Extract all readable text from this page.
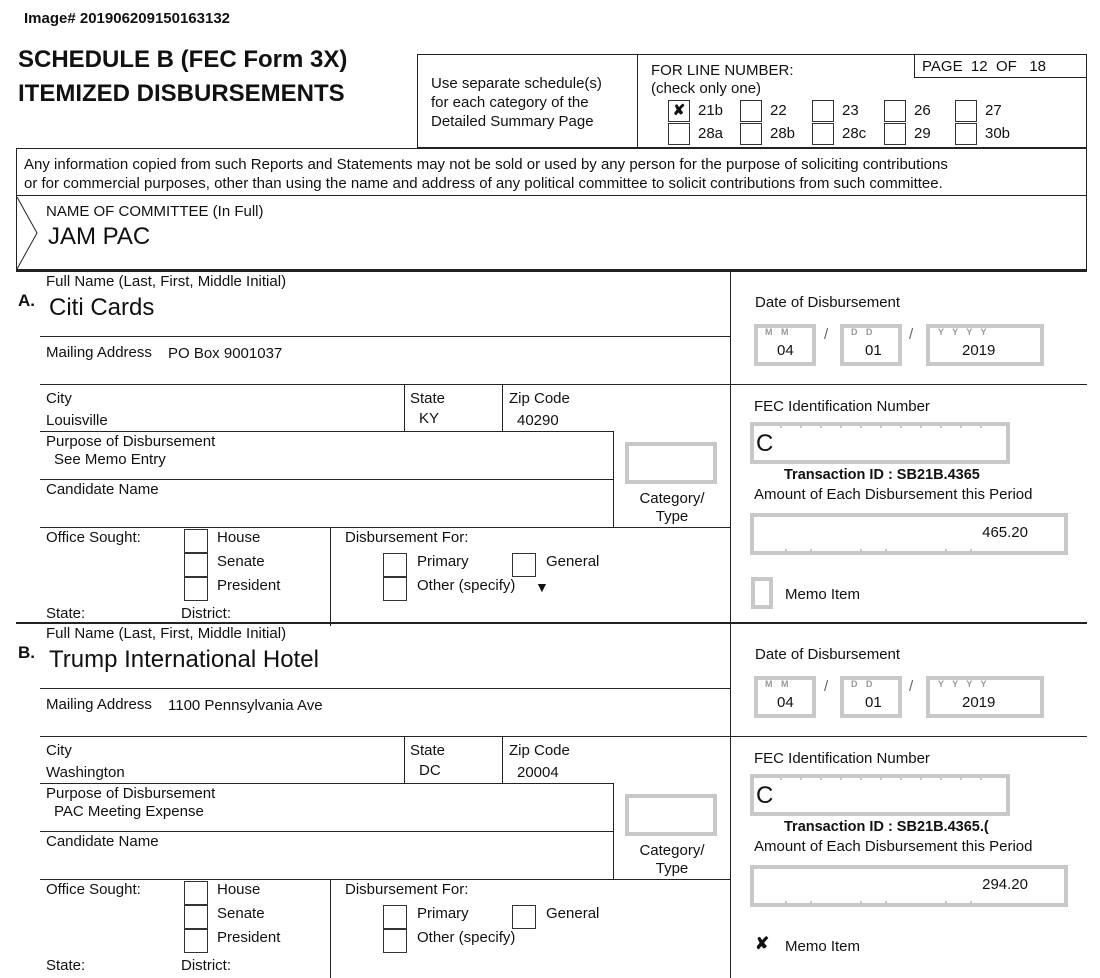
Image# 201906209150163132
SCHEDULE B (FEC Form 3X)
ITEMIZED DISBURSEMENTS	Use separate schedule(s)
for each category of the
Detailed Summary Page
PAGE 12 OF 18
FOR LINE NUMBER:
(check only one)
✘ 21b	22	23	26	27
28a	28b	28c	29	30b
Any information copied from such Reports and Statements may not be sold or used by any person for the purpose of soliciting contributions
or for commercial purposes, other than using the name and address of any political committee to solicit contributions from such committee.
NAME OF COMMITTEE (In Full)
JAM PAC
Full Name (Last, First, Middle Initial)
A. Citi Cards
Mailing Address PO Box 9001037
City
Louisville
State
KY
Zip Code
40290
Purpose of Disbursement
See Memo Entry
Candidate Name
Category/
Type
Office Sought:	House
Senate
President
State:	District:
Disbursement For:
Primary
Other (specify) ▼
General
Date of Disbursement
M M
04
/	D D
01
/	Y Y Y Y
2019
FEC Identification Number
C
Transaction ID : SB21B.4365
Amount of Each Disbursement this Period
465.20
Memo Item
Full Name (Last, First, Middle Initial)
B. Trump International Hotel
Mailing Address 1100 Pennsylvania Ave
City
Washington
State
DC
Zip Code
20004
Purpose of Disbursement
PAC Meeting Expense
Candidate Name
Category/
Type
Office Sought:	House
Senate
President
State:	District:
Disbursement For:
Primary
Other (specify)
General
Date of Disbursement
M M
04
/	D D
01
/	Y Y Y Y
2019
FEC Identification Number
C
Transaction ID : SB21B.4365.(
Amount of Each Disbursement this Period
294.20
✘ Memo Item
